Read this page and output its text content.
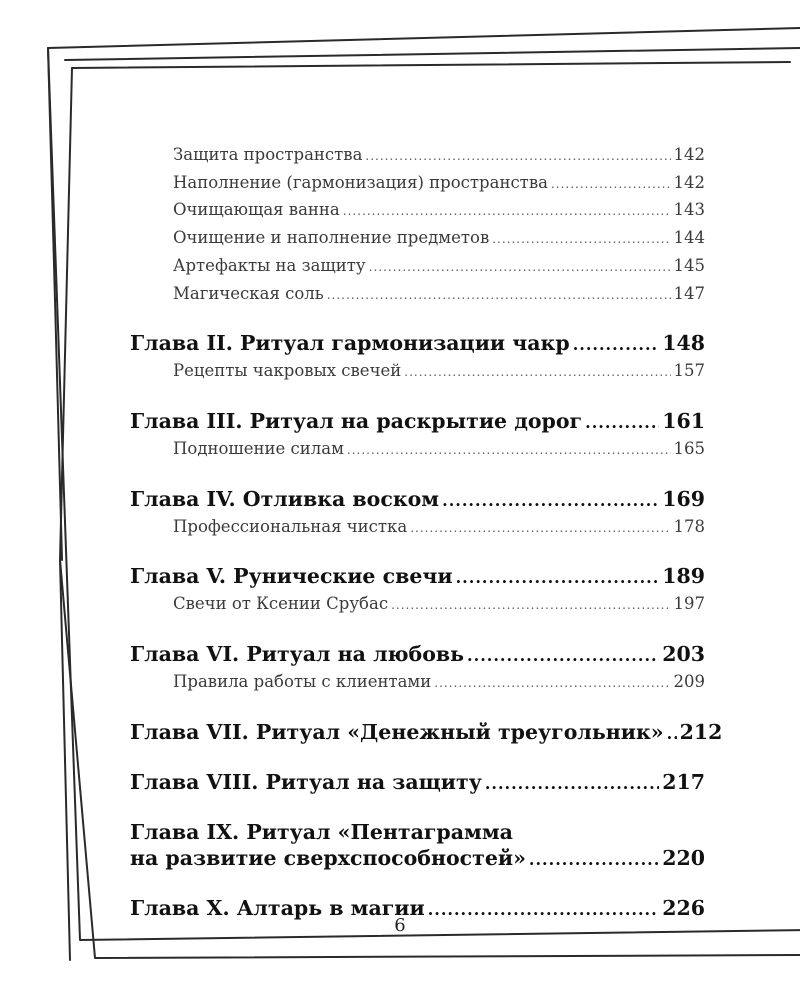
Защита пространства .....	142
Наполнение (гармонизация) пространства .....	142
Очищающая ванна .....	143
Очищение и наполнение предметов .....	144
Артефакты на защиту .....	145
Магическая соль .....	147
Глава II. Ритуал гармонизации чакр .....	148
Рецепты чакровых свечей .....	157
Глава III. Ритуал на раскрытие дорог .....	161
Подношение силам .....	165
Глава IV. Отливка воском .....	169
Профессиональная чистка .....	178
Глава V. Рунические свечи .....	189
Свечи от Ксении Срубас .....	197
Глава VI. Ритуал на любовь .....	203
Правила работы с клиентами .....	209
Глава VII. Ритуал «Денежный треугольник» ..... 212
Глава VIII. Ритуал на защиту .....	217
Глава IX. Ритуал «Пентаграмма
на развитие сверхспособностей» .....	220
Глава X. Алтарь в магии .....	226
6
